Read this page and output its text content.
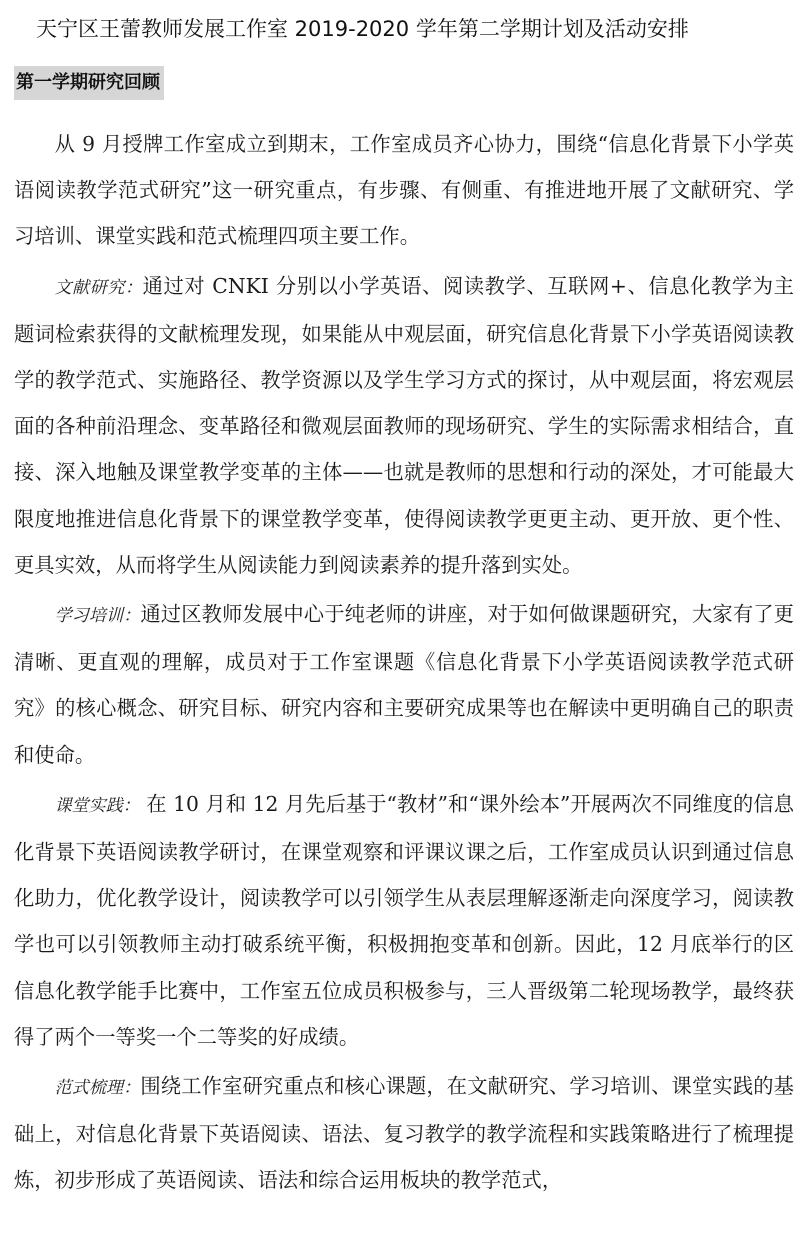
天宁区王蕾教师发展工作室 2019-2020 学年第二学期计划及活动安排
第一学期研究回顾

从 9 月授牌工作室成立到期末，工作室成员齐心协力，围绕“信息化背景下小学英语阅读教学范式研究”这一研究重点，有步骤、有侧重、有推进地开展了文献研究、学习培训、课堂实践和范式梳理四项主要工作。

文献研究：通过对 CNKI 分别以小学英语、阅读教学、互联网+、信息化教学为主题词检索获得的文献梳理发现，如果能从中观层面，研究信息化背景下小学英语阅读教学的教学范式、实施路径、教学资源以及学生学习方式的探讨，从中观层面，将宏观层面的各种前沿理念、变革路径和微观层面教师的现场研究、学生的实际需求相结合，直接、深入地触及课堂教学变革的主体——也就是教师的思想和行动的深处，才可能最大限度地推进信息化背景下的课堂教学变革，使得阅读教学更更主动、更开放、更个性、更具实效，从而将学生从阅读能力到阅读素养的提升落到实处。

学习培训：通过区教师发展中心于纯老师的讲座，对于如何做课题研究，大家有了更清晰、更直观的理解，成员对于工作室课题《信息化背景下小学英语阅读教学范式研究》的核心概念、研究目标、研究内容和主要研究成果等也在解读中更明确自己的职责和使命。

课堂实践： 在 10 月和 12 月先后基于“教材”和“课外绘本”开展两次不同维度的信息化背景下英语阅读教学研讨，在课堂观察和评课议课之后，工作室成员认识到通过信息化助力，优化教学设计，阅读教学可以引领学生从表层理解逐渐走向深度学习，阅读教学也可以引领教师主动打破系统平衡，积极拥抱变革和创新。因此，12 月底举行的区信息化教学能手比赛中，工作室五位成员积极参与，三人晋级第二轮现场教学，最终获得了两个一等奖一个二等奖的好成绩。

范式梳理：围绕工作室研究重点和核心课题，在文献研究、学习培训、课堂实践的基础上，对信息化背景下英语阅读、语法、复习教学的教学流程和实践策略进行了梳理提炼，初步形成了英语阅读、语法和综合运用板块的教学范式，
